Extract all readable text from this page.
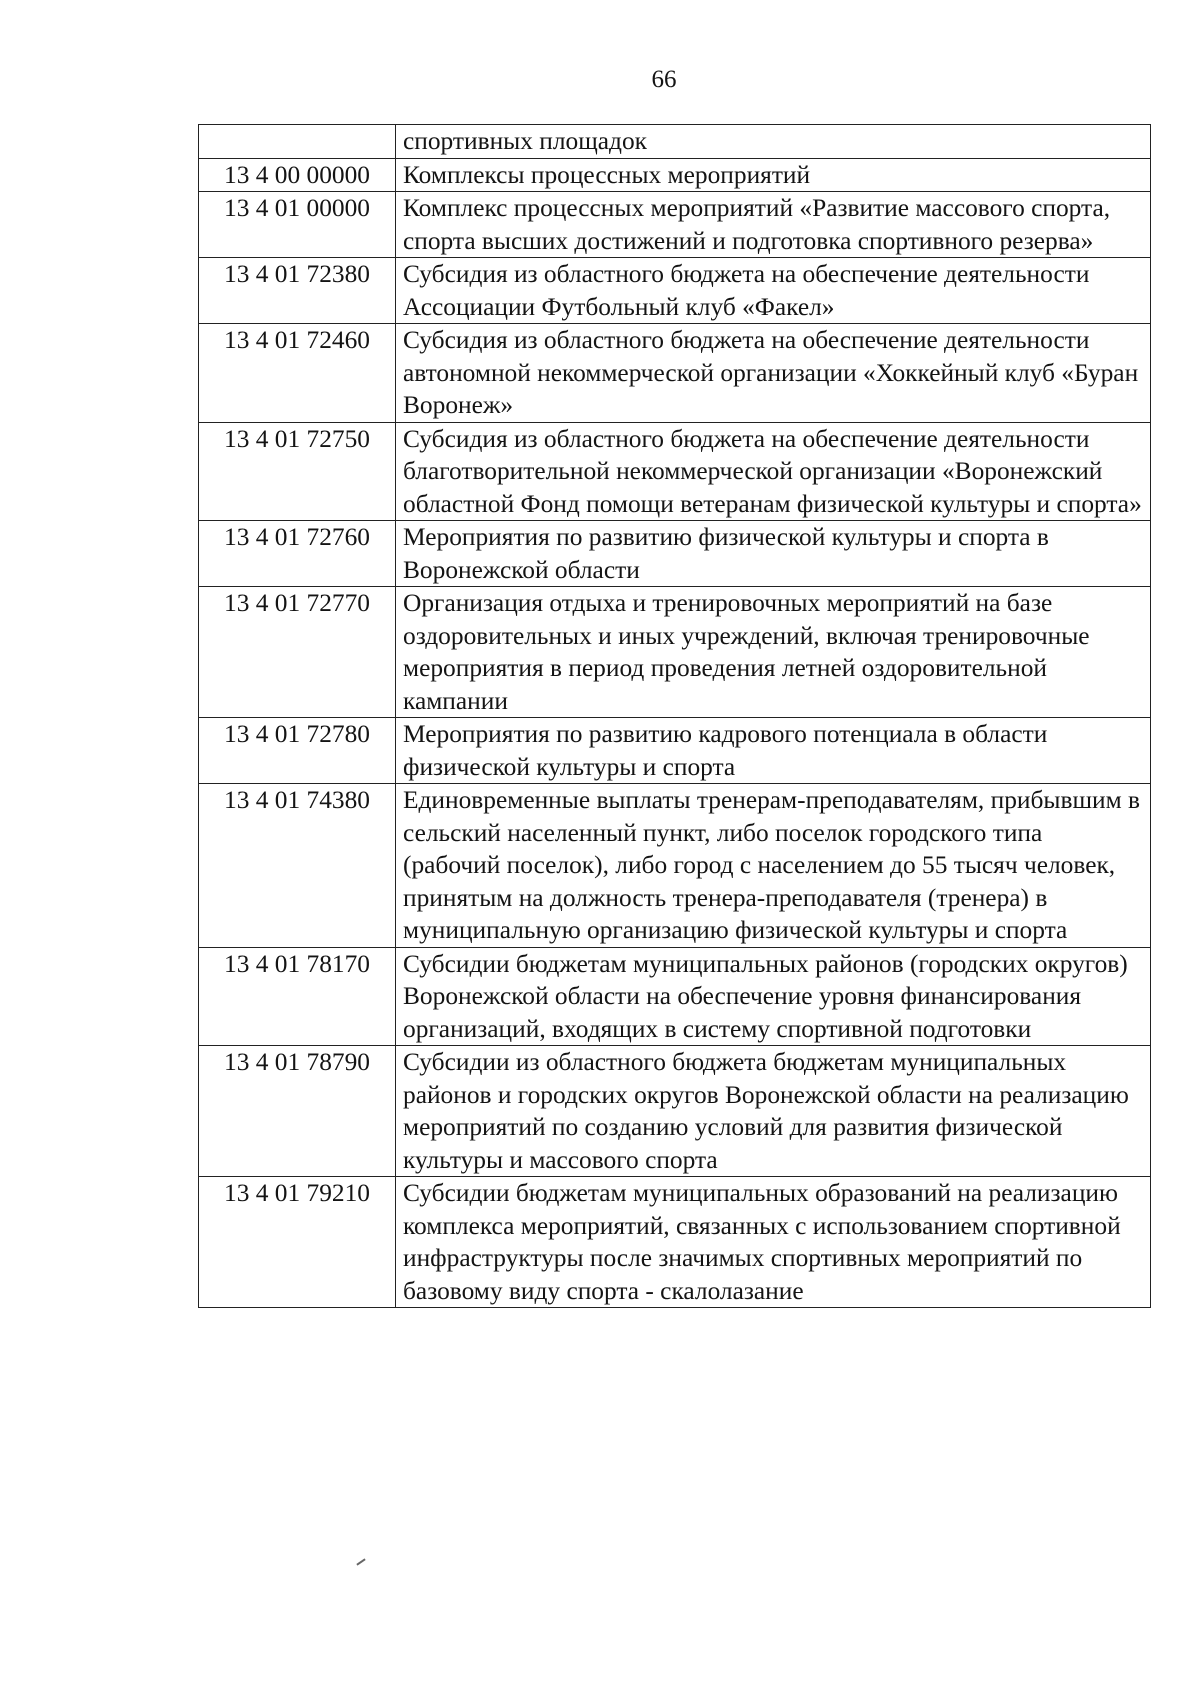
66
	спортивных площадок
13 4 00 00000	Комплексы процессных мероприятий
13 4 01 00000	Комплекс процессных мероприятий «Развитие массового спорта, спорта высших достижений и подготовка спортивного резерва»
13 4 01 72380	Субсидия из областного бюджета на обеспечение деятельности Ассоциации Футбольный клуб «Факел»
13 4 01 72460	Субсидия из областного бюджета на обеспечение деятельности автономной некоммерческой организации «Хоккейный клуб «Буран Воронеж»
13 4 01 72750	Субсидия из областного бюджета на обеспечение деятельности благотворительной некоммерческой организации «Воронежский областной Фонд помощи ветеранам физической культуры и спорта»
13 4 01 72760	Мероприятия по развитию физической культуры и спорта в Воронежской области
13 4 01 72770	Организация отдыха и тренировочных мероприятий на базе оздоровительных и иных учреждений, включая тренировочные мероприятия в период проведения летней оздоровительной кампании
13 4 01 72780	Мероприятия по развитию кадрового потенциала в области физической культуры и спорта
13 4 01 74380	Единовременные выплаты тренерам-преподавателям, прибывшим в сельский населенный пункт, либо поселок городского типа (рабочий поселок), либо город с населением до 55 тысяч человек, принятым на должность тренера-преподавателя (тренера) в муниципальную организацию физической культуры и спорта
13 4 01 78170	Субсидии бюджетам муниципальных районов (городских округов) Воронежской области на обеспечение уровня финансирования организаций, входящих в систему спортивной подготовки
13 4 01 78790	Субсидии из областного бюджета бюджетам муниципальных районов и городских округов Воронежской области на реализацию мероприятий по созданию условий для развития физической культуры и массового спорта
13 4 01 79210	Субсидии бюджетам муниципальных образований на реализацию комплекса мероприятий, связанных с использованием спортивной инфраструктуры после значимых спортивных мероприятий по базовому виду спорта - скалолазание
